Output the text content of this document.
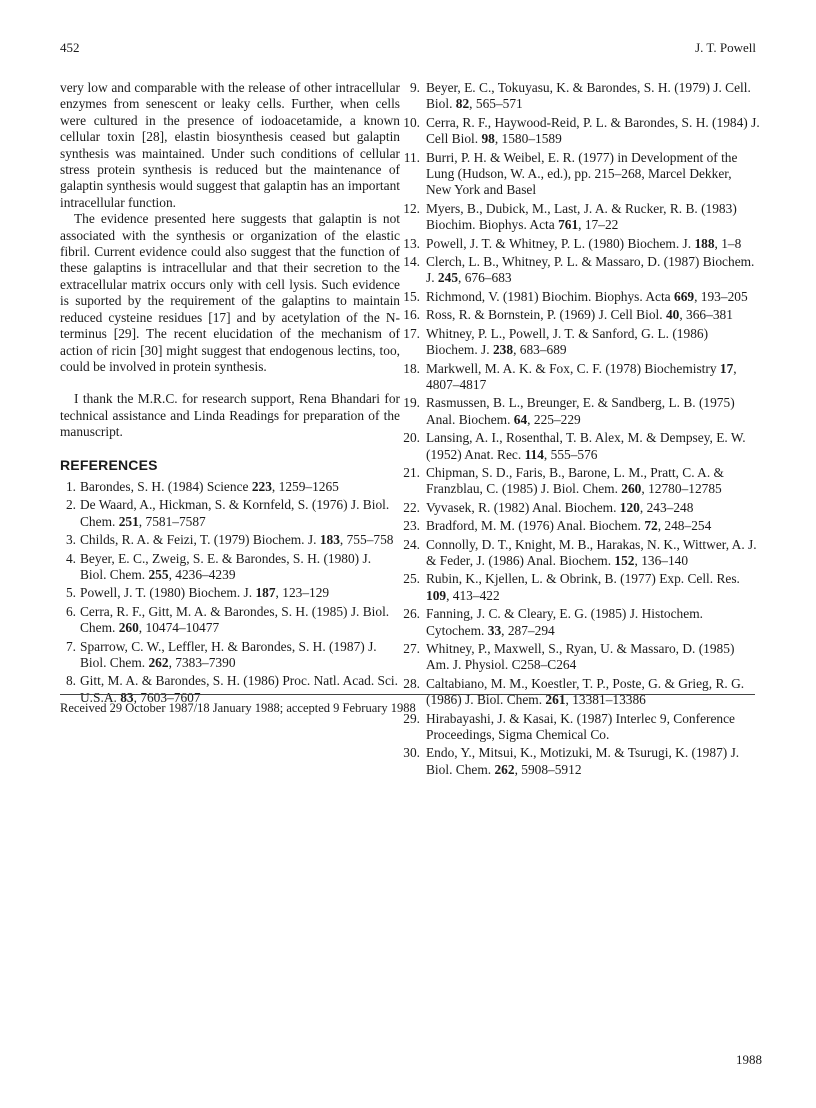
452	J. T. Powell

very low and comparable with the release of other intracellular enzymes from senescent or leaky cells. Further, when cells were cultured in the presence of iodoacetamide, a known cellular toxin [28], elastin biosynthesis ceased but galaptin synthesis was maintained. Under such conditions of cellular stress protein synthesis is reduced but the maintenance of galaptin synthesis would suggest that galaptin has an important intracellular function.

The evidence presented here suggests that galaptin is not associated with the synthesis or organization of the elastic fibril. Current evidence could also suggest that the function of these galaptins is intracellular and that their secretion to the extracellular matrix occurs only with cell lysis. Such evidence is suported by the requirement of the galaptins to maintain reduced cysteine residues [17] and by acetylation of the N-terminus [29]. The recent elucidation of the mechanism of action of ricin [30] might suggest that endogenous lectins, too, could be involved in protein synthesis.

I thank the M.R.C. for research support, Rena Bhandari for technical assistance and Linda Readings for preparation of the manuscript.

REFERENCES
1. Barondes, S. H. (1984) Science 223, 1259–1265
2. De Waard, A., Hickman, S. & Kornfeld, S. (1976) J. Biol. Chem. 251, 7581–7587
3. Childs, R. A. & Feizi, T. (1979) Biochem. J. 183, 755–758
4. Beyer, E. C., Zweig, S. E. & Barondes, S. H. (1980) J. Biol. Chem. 255, 4236–4239
5. Powell, J. T. (1980) Biochem. J. 187, 123–129
6. Cerra, R. F., Gitt, M. A. & Barondes, S. H. (1985) J. Biol. Chem. 260, 10474–10477
7. Sparrow, C. W., Leffler, H. & Barondes, S. H. (1987) J. Biol. Chem. 262, 7383–7390
8. Gitt, M. A. & Barondes, S. H. (1986) Proc. Natl. Acad. Sci. U.S.A. 83, 7603–7607
9. Beyer, E. C., Tokuyasu, K. & Barondes, S. H. (1979) J. Cell. Biol. 82, 565–571
10. Cerra, R. F., Haywood-Reid, P. L. & Barondes, S. H. (1984) J. Cell Biol. 98, 1580–1589
11. Burri, P. H. & Weibel, E. R. (1977) in Development of the Lung (Hudson, W. A., ed.), pp. 215–268, Marcel Dekker, New York and Basel
12. Myers, B., Dubick, M., Last, J. A. & Rucker, R. B. (1983) Biochim. Biophys. Acta 761, 17–22
13. Powell, J. T. & Whitney, P. L. (1980) Biochem. J. 188, 1–8
14. Clerch, L. B., Whitney, P. L. & Massaro, D. (1987) Biochem. J. 245, 676–683
15. Richmond, V. (1981) Biochim. Biophys. Acta 669, 193–205
16. Ross, R. & Bornstein, P. (1969) J. Cell Biol. 40, 366–381
17. Whitney, P. L., Powell, J. T. & Sanford, G. L. (1986) Biochem. J. 238, 683–689
18. Markwell, M. A. K. & Fox, C. F. (1978) Biochemistry 17, 4807–4817
19. Rasmussen, B. L., Breunger, E. & Sandberg, L. B. (1975) Anal. Biochem. 64, 225–229
20. Lansing, A. I., Rosenthal, T. B. Alex, M. & Dempsey, E. W. (1952) Anat. Rec. 114, 555–576
21. Chipman, S. D., Faris, B., Barone, L. M., Pratt, C. A. & Franzblau, C. (1985) J. Biol. Chem. 260, 12780–12785
22. Vyvasek, R. (1982) Anal. Biochem. 120, 243–248
23. Bradford, M. M. (1976) Anal. Biochem. 72, 248–254
24. Connolly, D. T., Knight, M. B., Harakas, N. K., Wittwer, A. J. & Feder, J. (1986) Anal. Biochem. 152, 136–140
25. Rubin, K., Kjellen, L. & Obrink, B. (1977) Exp. Cell. Res. 109, 413–422
26. Fanning, J. C. & Cleary, E. G. (1985) J. Histochem. Cytochem. 33, 287–294
27. Whitney, P., Maxwell, S., Ryan, U. & Massaro, D. (1985) Am. J. Physiol. C258–C264
28. Caltabiano, M. M., Koestler, T. P., Poste, G. & Grieg, R. G. (1986) J. Biol. Chem. 261, 13381–13386
29. Hirabayashi, J. & Kasai, K. (1987) Interlec 9, Conference Proceedings, Sigma Chemical Co.
30. Endo, Y., Mitsui, K., Motizuki, M. & Tsurugi, K. (1987) J. Biol. Chem. 262, 5908–5912
Received 29 October 1987/18 January 1988; accepted 9 February 1988
1988
